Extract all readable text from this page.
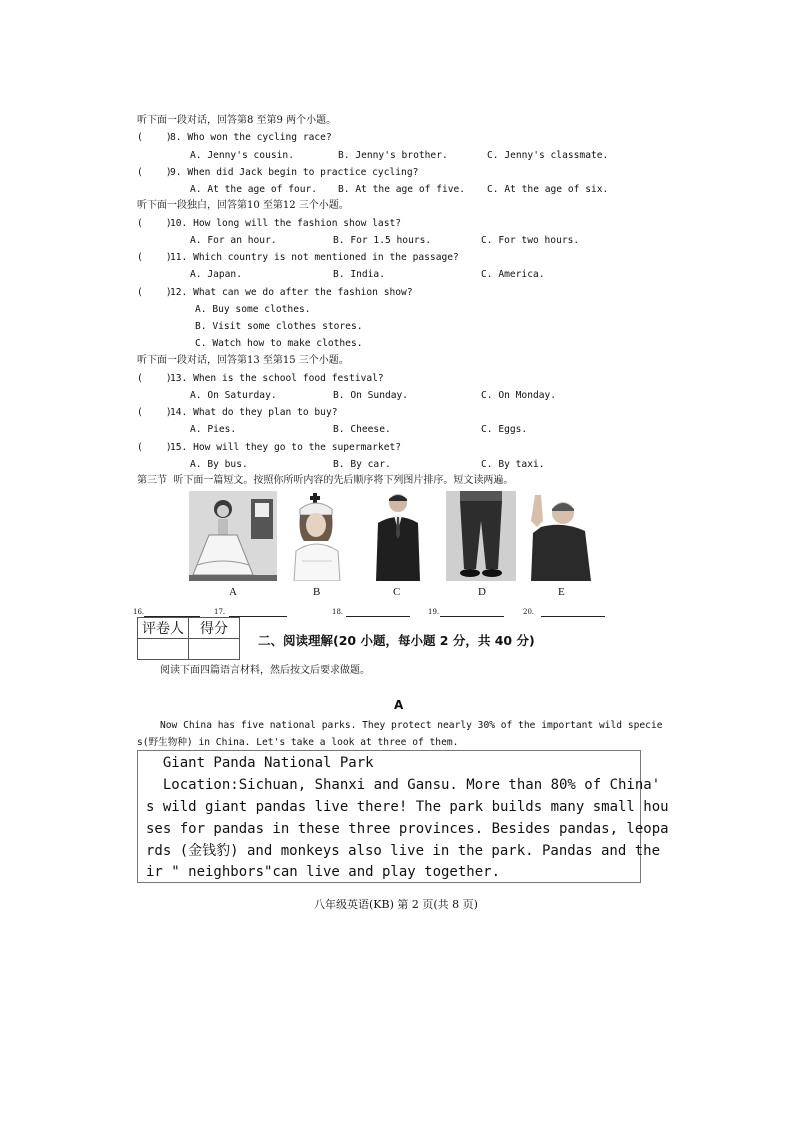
听下面一段对话，回答第8 至第9 两个小题。
(    )
8. Who won the cycling race?
A. Jenny's cousin.	B. Jenny's brother.	C. Jenny's classmate.
(    )
9. When did Jack begin to practice cycling?
A. At the age of four. B. At the age of five. C. At the age of six.
听下面一段独白，回答第10 至第12 三个小题。
(    )
10. How long will the fashion show last?
A. For an hour.	B. For 1.5 hours.	C. For two hours.
(    )
11. Which country is not mentioned in the passage?
A. Japan.	B. India.	C. America.
(    )
12. What can we do after the fashion show?
A. Buy some clothes.
B. Visit some clothes stores.
C. Watch how to make clothes.
听下面一段对话，回答第13 至第15 三个小题。
(    )
13. When is the school food festival?
A. On Saturday.	B. On Sunday.	C. On Monday.
(    )
14. What do they plan to buy?
A. Pies.	B. Cheese.	C. Eggs.
(    )
15. How will they go to the supermarket?
A. By bus.	B. By car.	C. By taxi.
第三节  听下面一篇短文。按照你所听内容的先后顺序将下列图片排序。短文读两遍。
A	B	C	D	E
16.	17.	18.	19.	20.
评卷人	得分

二、阅读理解(20 小题，每小题 2 分，共 40 分)
阅读下面四篇语言材料，然后按文后要求做题。
A
Now China has five national parks. They protect nearly 30% of the important wild specie
s(野生物种) in China. Let's take a look at three of them.
Giant Panda National Park
Location:Sichuan, Shanxi and Gansu. More than 80% of China'
s wild giant pandas live there! The park builds many small hou
ses for pandas in these three provinces. Besides pandas, leopa
rds (金钱豹) and monkeys also live in the park. Pandas and the
ir " neighbors"can live and play together.
八年级英语(KB) 第 2 页(共 8 页)
